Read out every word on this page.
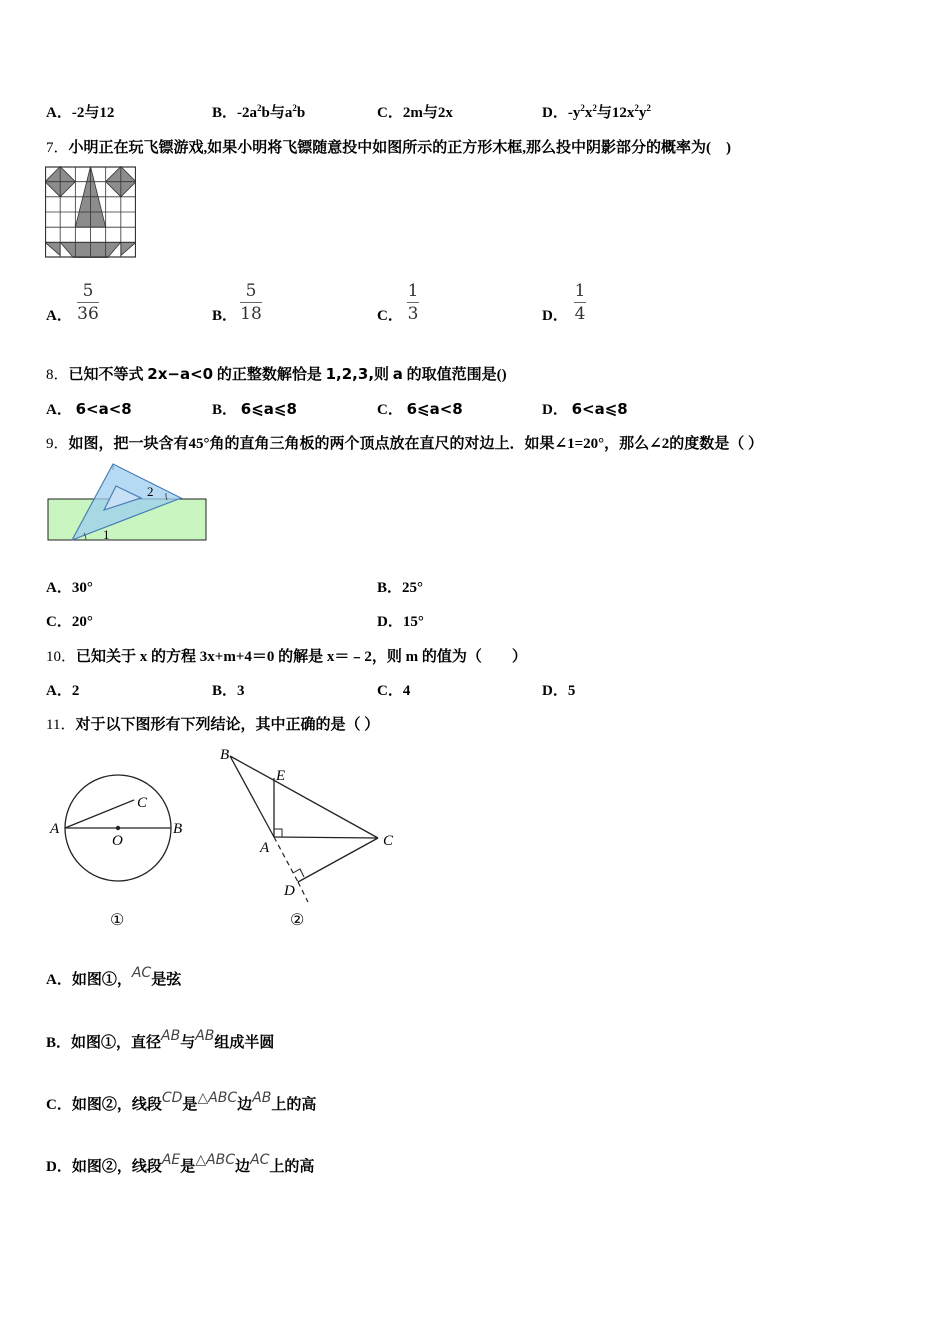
A．-2与12	B．$-2a^2b$与$a^2b$	C．2m与2x	D．$-y^2x^2$与$12x^2y^2$
7．小明正在玩飞镖游戏,如果小明将飞镖随意投中如图所示的正方形木框,那么投中阴影部分的概率为(　)
A．
5
36	B．
5
18	C．
1
3	D．
1
4
8．已知不等式 2x−a<0 的正整数解恰是 1,2,3,则 a 的取值范围是()
A． 6<a<8	B． 6⩽a⩽8	C． 6⩽a<8	D． 6<a⩽8
9．如图，把一块含有45°角的直角三角板的两个顶点放在直尺的对边上．如果∠1=20°，那么∠2的度数是（ ）
1
2
A．30°	B．25°
C．20°	D．15°
10．已知关于 x 的方程 3x+m+4＝0 的解是 x＝﹣2，则 m 的值为（　　）
A．2	B．3	C．4	D．5
11．对于以下图形有下列结论，其中正确的是（ ）
A	B
C
O
①
B
E
A	C
D
②
A．如图①，AC是弦
B．如图①，直径AB与AB组成半圆
C．如图②，线段CD是△ABC边AB上的高
D．如图②，线段AE是△ABC边AC上的高
